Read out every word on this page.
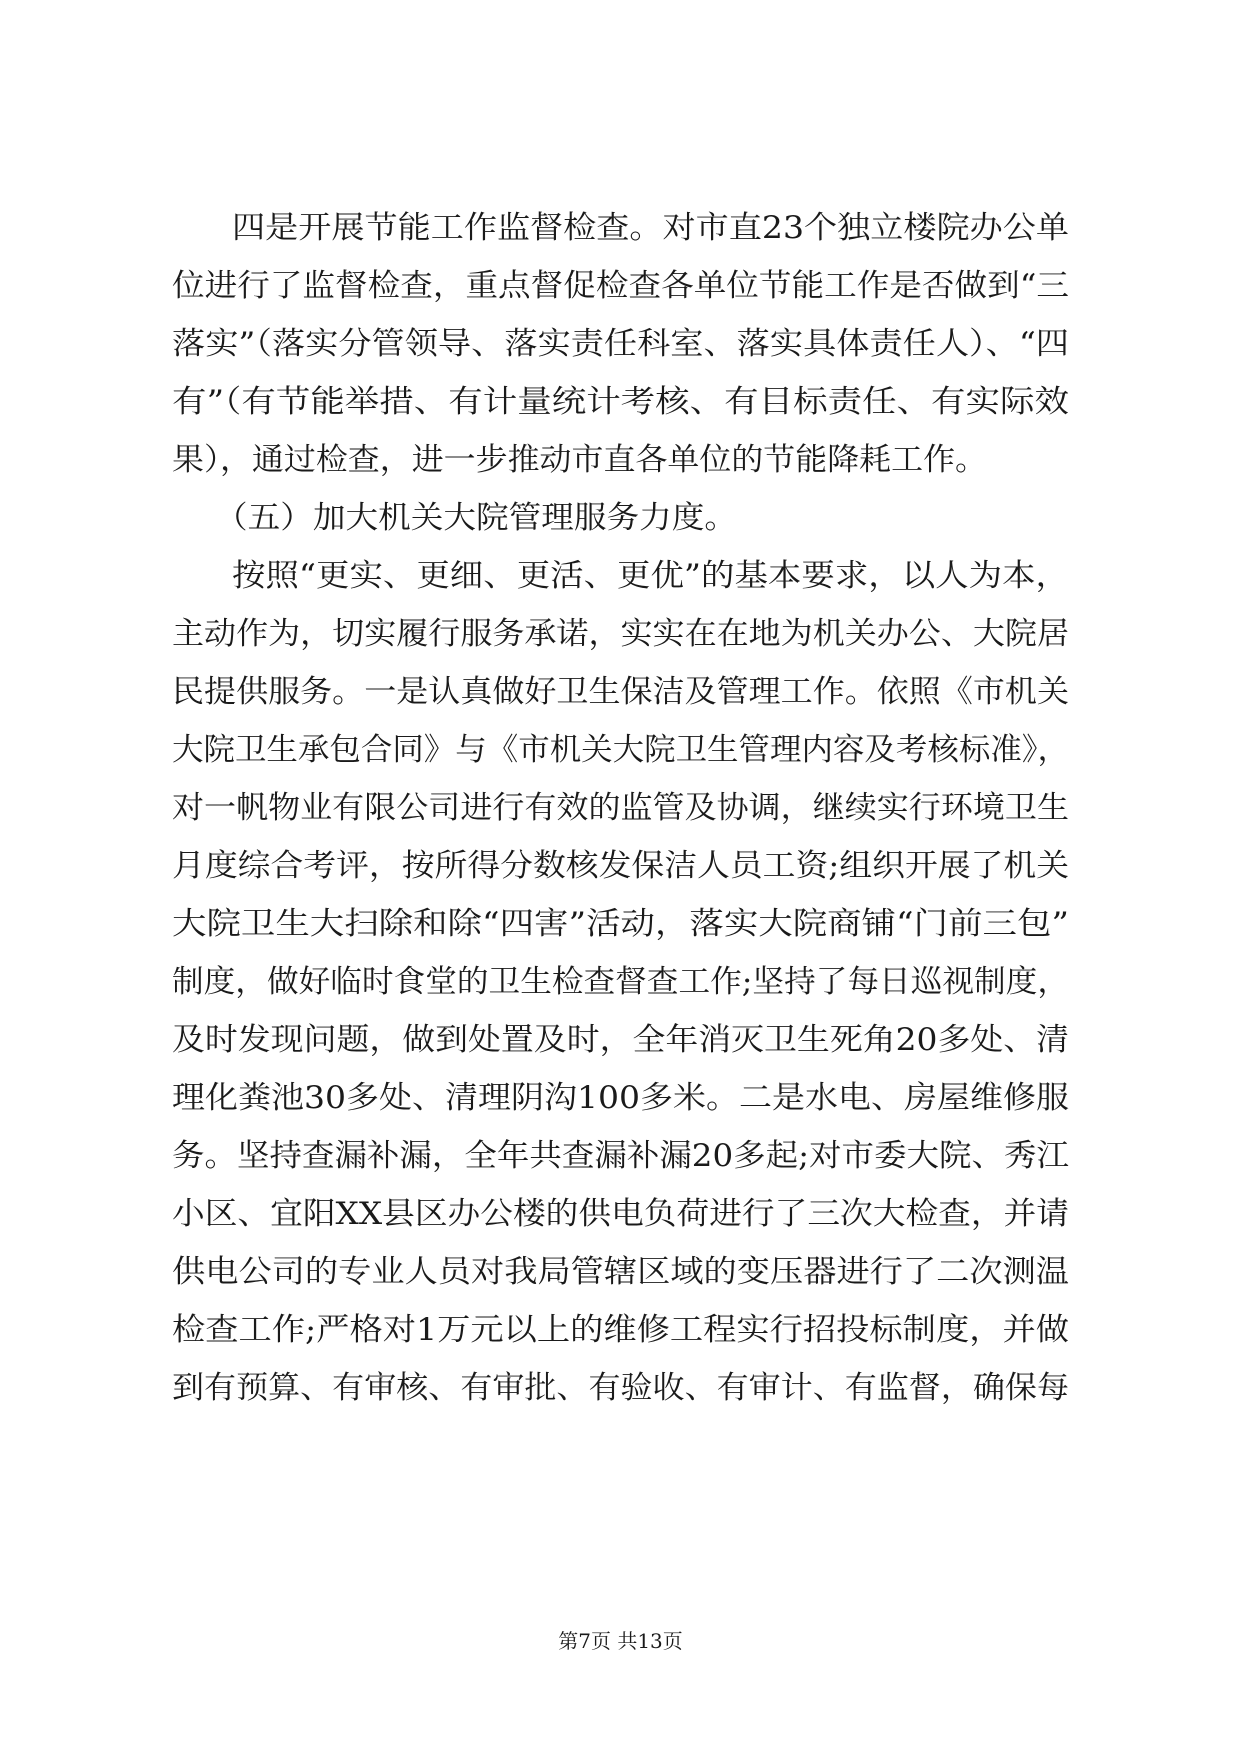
四是开展节能工作监督检查。对市直23个独立楼院办公单
位进行了监督检查，重点督促检查各单位节能工作是否做到“三
落实”（落实分管领导、落实责任科室、落实具体责任人）、“四
有”（有节能举措、有计量统计考核、有目标责任、有实际效
果），通过检查，进一步推动市直各单位的节能降耗工作。
（五）加大机关大院管理服务力度。
按照“更实、更细、更活、更优”的基本要求，以人为本，
主动作为，切实履行服务承诺，实实在在地为机关办公、大院居
民提供服务。一是认真做好卫生保洁及管理工作。依照《市机关
大院卫生承包合同》与《市机关大院卫生管理内容及考核标准》，
对一帆物业有限公司进行有效的监管及协调，继续实行环境卫生
月度综合考评，按所得分数核发保洁人员工资;组织开展了机关
大院卫生大扫除和除“四害”活动，落实大院商铺“门前三包”
制度，做好临时食堂的卫生检查督查工作;坚持了每日巡视制度，
及时发现问题，做到处置及时，全年消灭卫生死角20多处、清
理化粪池30多处、清理阴沟100多米。二是水电、房屋维修服
务。坚持查漏补漏，全年共查漏补漏20多起;对市委大院、秀江
小区、宜阳XX县区办公楼的供电负荷进行了三次大检查，并请
供电公司的专业人员对我局管辖区域的变压器进行了二次测温
检查工作;严格对1万元以上的维修工程实行招投标制度，并做
到有预算、有审核、有审批、有验收、有审计、有监督，确保每
第7页 共13页
